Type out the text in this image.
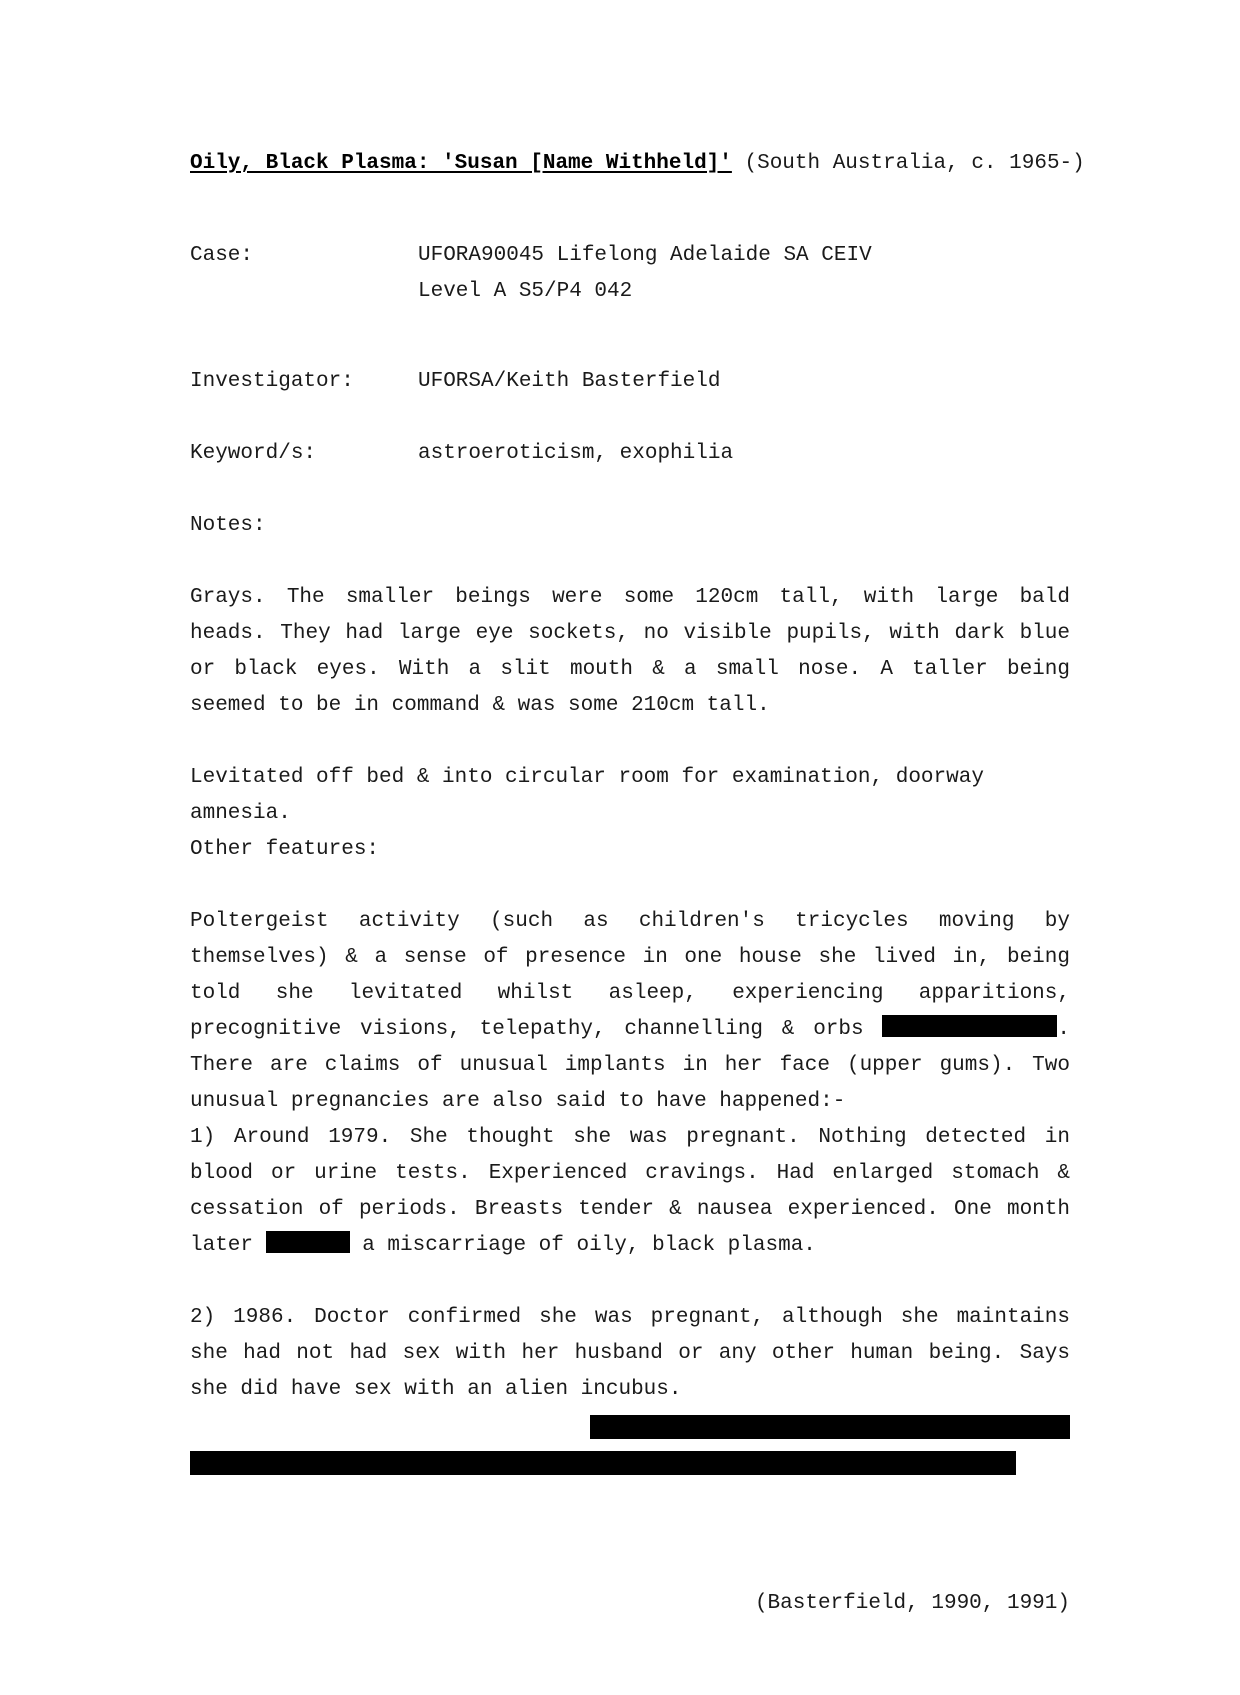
Oily, Black Plasma: 'Susan [Name Withheld]' (South Australia, c. 1965-)
Case:	UFORA90045 Lifelong Adelaide SA CEIV
Level A S5/P4 042
Investigator:	UFORSA/Keith Basterfield
Keyword/s:	astroeroticism, exophilia
Notes:

Grays. The smaller beings were some 120cm tall, with large bald heads. They had large eye sockets, no visible pupils, with dark blue or black eyes. With a slit mouth & a small nose. A taller being seemed to be in command & was some 210cm tall.

Levitated off bed & into circular room for examination, doorway amnesia.

Other features:

Poltergeist activity (such as children's tricycles moving by themselves) & a sense of presence in one house she lived in, being told she levitated whilst asleep, experiencing apparitions, precognitive visions, telepathy, channelling & orbs	. There are claims of unusual implants in her face (upper gums). Two unusual pregnancies are also said to have happened:-

1) Around 1979. She thought she was pregnant. Nothing detected in blood or urine tests. Experienced cravings. Had enlarged stomach & cessation of periods. Breasts tender & nausea experienced. One month later	a miscarriage of oily, black plasma.

2) 1986. Doctor confirmed she was pregnant, although she maintains she had not had sex with her husband or any other human being. Says she did have sex with an alien incubus.

(Basterfield, 1990, 1991)
